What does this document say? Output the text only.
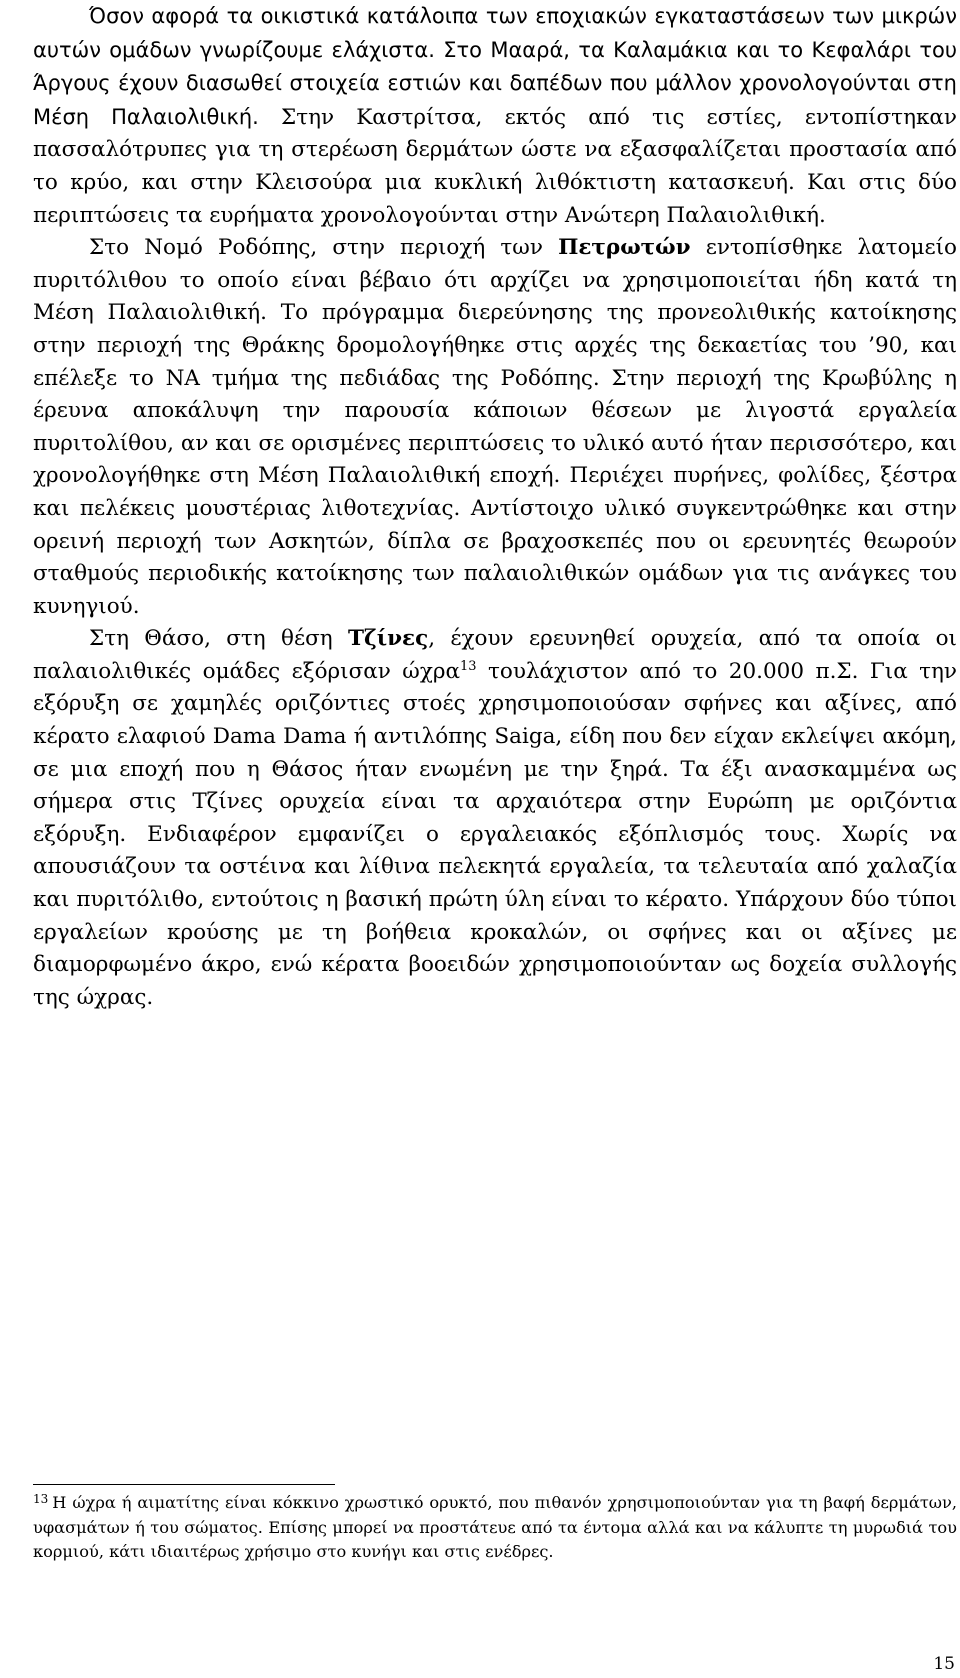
Όσον αφορά τα οικιστικά κατάλοιπα των εποχιακών εγκαταστάσεων των μικρών αυτών ομάδων γνωρίζουμε ελάχιστα. Στο Μααρά, τα Καλαμάκια και το Κεφαλάρι του Άργους έχουν διασωθεί στοιχεία εστιών και δαπέδων που μάλλον χρονολογούνται στη Μέση Παλαιολιθική. Στην Καστρίτσα, εκτός από τις εστίες, εντοπίστηκαν πασσαλότρυπες για τη στερέωση δερμάτων ώστε να εξασφαλίζεται προστασία από το κρύο, και στην Κλεισούρα μια κυκλική λιθόκτιστη κατασκευή. Και στις δύο περιπτώσεις τα ευρήματα χρονολογούνται στην Ανώτερη Παλαιολιθική.

Στο Νομό Ροδόπης, στην περιοχή των Πετρωτών εντοπίσθηκε λατομείο πυριτόλιθου το οποίο είναι βέβαιο ότι αρχίζει να χρησιμοποιείται ήδη κατά τη Μέση Παλαιολιθική. Το πρόγραμμα διερεύνησης της προνεολιθικής κατοίκησης στην περιοχή της Θράκης δρομολογήθηκε στις αρχές της δεκαετίας του ’90, και επέλεξε το ΝΑ τμήμα της πεδιάδας της Ροδόπης. Στην περιοχή της Κρωβύλης η έρευνα αποκάλυψη την παρουσία κάποιων θέσεων με λιγοστά εργαλεία πυριτολίθου, αν και σε ορισμένες περιπτώσεις το υλικό αυτό ήταν περισσότερο, και χρονολογήθηκε στη Μέση Παλαιολιθική εποχή. Περιέχει πυρήνες, φολίδες, ξέστρα και πελέκεις μουστέριας λιθοτεχνίας. Αντίστοιχο υλικό συγκεντρώθηκε και στην ορεινή περιοχή των Ασκητών, δίπλα σε βραχοσκεπές που οι ερευνητές θεωρούν σταθμούς περιοδικής κατοίκησης των παλαιολιθικών ομάδων για τις ανάγκες του κυνηγιού.

Στη Θάσο, στη θέση Τζίνες, έχουν ερευνηθεί ορυχεία, από τα οποία οι παλαιολιθικές ομάδες εξόρισαν ώχρα$^{13}$ τουλάχιστον από το 20.000 π.Σ. Για την εξόρυξη σε χαμηλές οριζόντιες στοές χρησιμοποιούσαν σφήνες και αξίνες, από κέρατο ελαφιού Dama Dama ή αντιλόπης Saiga, είδη που δεν είχαν εκλείψει ακόμη, σε μια εποχή που η Θάσος ήταν ενωμένη με την ξηρά. Τα έξι ανασκαμμένα ως σήμερα στις Τζίνες ορυχεία είναι τα αρχαιότερα στην Ευρώπη με οριζόντια εξόρυξη. Ενδιαφέρον εμφανίζει ο εργαλειακός εξόπλισμός τους. Χωρίς να απουσιάζουν τα οστέινα και λίθινα πελεκητά εργαλεία, τα τελευταία από χαλαζία και πυριτόλιθο, εντούτοις η βασική πρώτη ύλη είναι το κέρατο. Υπάρχουν δύο τύποι εργαλείων κρούσης με τη βοήθεια κροκαλών, οι σφήνες και οι αξίνες με διαμορφωμένο άκρο, ενώ κέρατα βοοειδών χρησιμοποιούνταν ως δοχεία συλλογής της ώχρας.

$^{13}$ Η ώχρα ή αιματίτης είναι κόκκινο χρωστικό ορυκτό, που πιθανόν χρησιμοποιούνταν για τη βαφή δερμάτων, υφασμάτων ή του σώματος. Επίσης μπορεί να προστάτευε από τα έντομα αλλά και να κάλυπτε τη μυρωδιά του κορμιού, κάτι ιδιαιτέρως χρήσιμο στο κυνήγι και στις ενέδρες.
15
